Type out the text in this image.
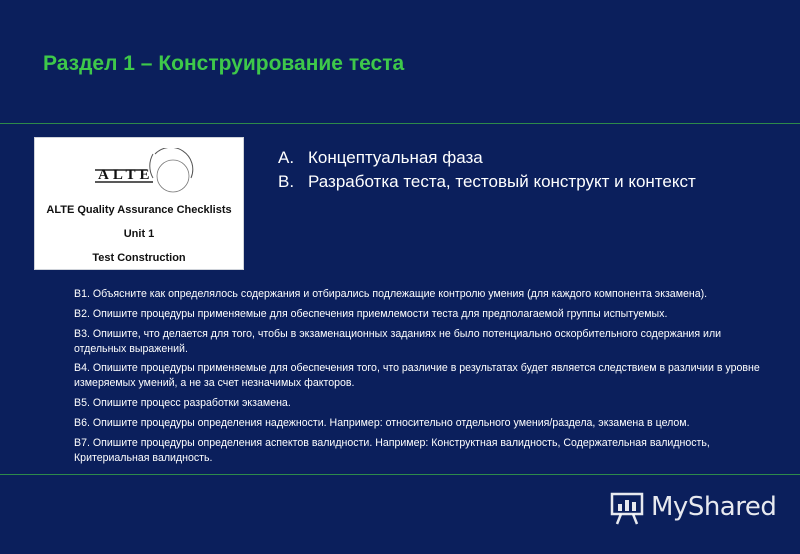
Раздел 1 – Конструирование теста
ALTE
ALTE Quality Assurance Checklists
Unit 1
Test Construction
A. Концептуальная фаза
B. Разработка теста, тестовый конструкт и контекст
B1. Объясните как определялось содержания и отбирались подлежащие контролю умения (для каждого компонента экзамена).
B2. Опишите процедуры применяемые для обеспечения приемлемости теста для предполагаемой группы испытуемых.
B3. Опишите, что делается для того, чтобы в экзаменационных заданиях не было потенциально оскорбительного содержания или отдельных выражений.
B4. Опишите процедуры применяемые для обеспечения того, что различие в результатах будет является следствием в различии в уровне измеряемых умений, а не за счет незначимых факторов.
B5. Опишите процесс разработки экзамена.
B6. Опишите процедуры определения надежности. Например: относительно отдельного умения/раздела, экзамена в целом.
B7. Опишите процедуры определения аспектов валидности. Например: Конструктная валидность, Содержательная валидность, Критериальная валидность.
MyShared
